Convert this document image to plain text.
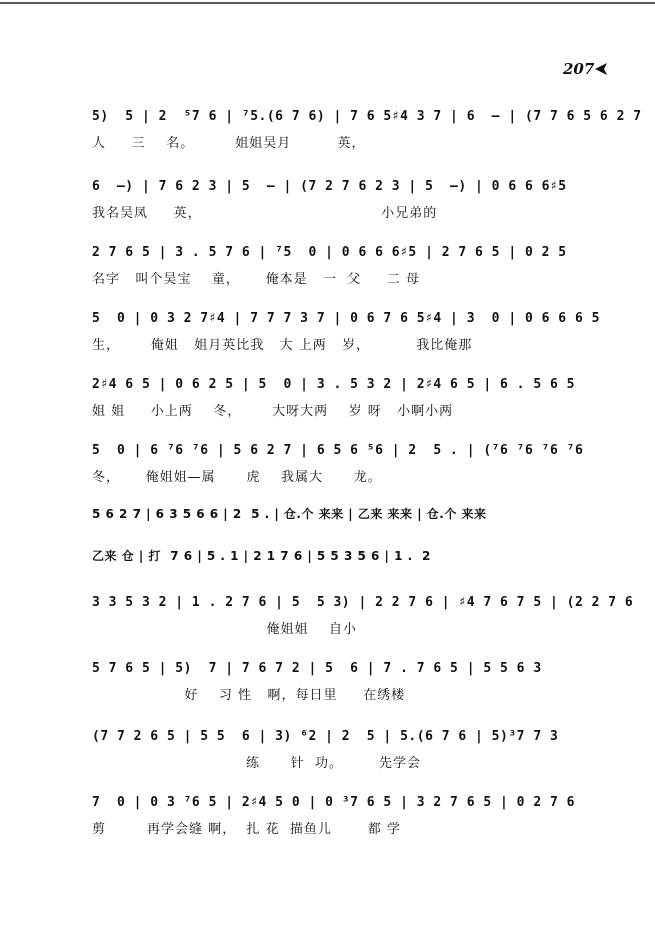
207
5)  5 | 2  ⁵7 6 | ⁷5.(6 7 6) | 7 6 5♯4 3 7 | 6  – | (7 7 6 5 6 2 7
人     三    名。        姐姐吴月         英，
6  –) | 7 6 2 3 | 5  – | (7 2 7 6 2 3 | 5  –) | 0 6 6 6♯5
我名吴凤     英，                                   小兄弟的
2 7 6 5 | 3 . 5 7 6 | ⁷5  0 | 0 6 6 6♯5 | 2 7 6 5 | 0 2 5
名字   叫个吴宝    童，     俺本是   一  父     二 母
5  0 | 0 3 2 7♯4 | 7 7 7 3 7 | 0 6 7 6 5♯4 | 3  0 | 0 6 6 6 5
生，      俺姐   姐月英比我   大 上两   岁，         我比俺那
2♯4 6 5 | 0 6 2 5 | 5  0 | 3 . 5 3 2 | 2♯4 6 5 | 6 . 5 6 5
姐 姐     小上两    冬，      大呀大两    岁 呀   小啊小两
5  0 | 6 ⁷6 ⁷6 | 5 6 2 7 | 6 5 6 ⁵6 | 2  5 . | (⁷6 ⁷6 ⁷6 ⁷6
冬，     俺姐姐—属      虎    我属大      龙。
5 6 2 7 | 6 3 5 6 6 | 2  5 . | 仓.个 来来 | 乙来 来来 | 仓.个 来来
乙来 仓 | 打  7 6 | 5 . 1 | 2 1 7 6 | 5 5 3 5 6 | 1 .  2
3 3 5 3 2 | 1 . 2 7 6 | 5  5 3) | 2 2 7 6 | ♯4 7 6 7 5 | (2 2 7 6
俺姐姐    自小
5 7 6 5 | 5)  7 | 7 6 7 2 | 5  6 | 7 . 7 6 5 | 5 5 6 3
好    习 性   啊，每日里     在绣楼
(7 7 2 6 5 | 5 5  6 | 3) ⁶2 | 2  5 | 5.(6 7 6 | 5)³7 7 3
练      针  功。       先学会
7  0 | 0 3 ⁷6 5 | 2♯4 5 0 | 0 ³7 6 5 | 3 2 7 6 5 | 0 2 7 6
剪        再学会缝 啊，  扎 花  描鱼儿       都 学
